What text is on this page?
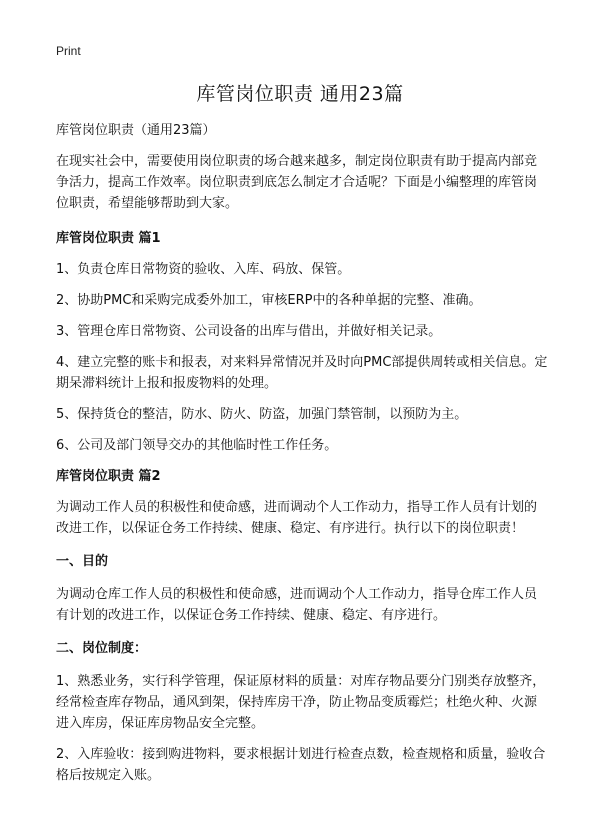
Print
库管岗位职责 通用23篇

库管岗位职责（通用23篇）

在现实社会中，需要使用岗位职责的场合越来越多，制定岗位职责有助于提高内部竞争活力，提高工作效率。岗位职责到底怎么制定才合适呢？下面是小编整理的库管岗位职责，希望能够帮助到大家。

库管岗位职责 篇1

1、负责仓库日常物资的验收、入库、码放、保管。

2、协助PMC和采购完成委外加工，审核ERP中的各种单据的完整、准确。

3、管理仓库日常物资、公司设备的出库与借出，并做好相关记录。

4、建立完整的账卡和报表，对来料异常情况并及时向PMC部提供周转或相关信息。定期呆滞料统计上报和报废物料的处理。

5、保持货仓的整洁，防水、防火、防盗，加强门禁管制，以预防为主。

6、公司及部门领导交办的其他临时性工作任务。

库管岗位职责 篇2

为调动工作人员的积极性和使命感，进而调动个人工作动力，指导工作人员有计划的改进工作，以保证仓务工作持续、健康、稳定、有序进行。执行以下的岗位职责！

一、目的

为调动仓库工作人员的积极性和使命感，进而调动个人工作动力，指导仓库工作人员有计划的改进工作，以保证仓务工作持续、健康、稳定、有序进行。

二、岗位制度：

1、熟悉业务，实行科学管理，保证原材料的质量：对库存物品要分门别类存放整齐，经常检查库存物品，通风到架，保持库房干净，防止物品变质霉烂；杜绝火种、火源进入库房，保证库房物品安全完整。

2、入库验收：接到购进物料，要求根据计划进行检查点数，检查规格和质量，验收合格后按规定入账。
